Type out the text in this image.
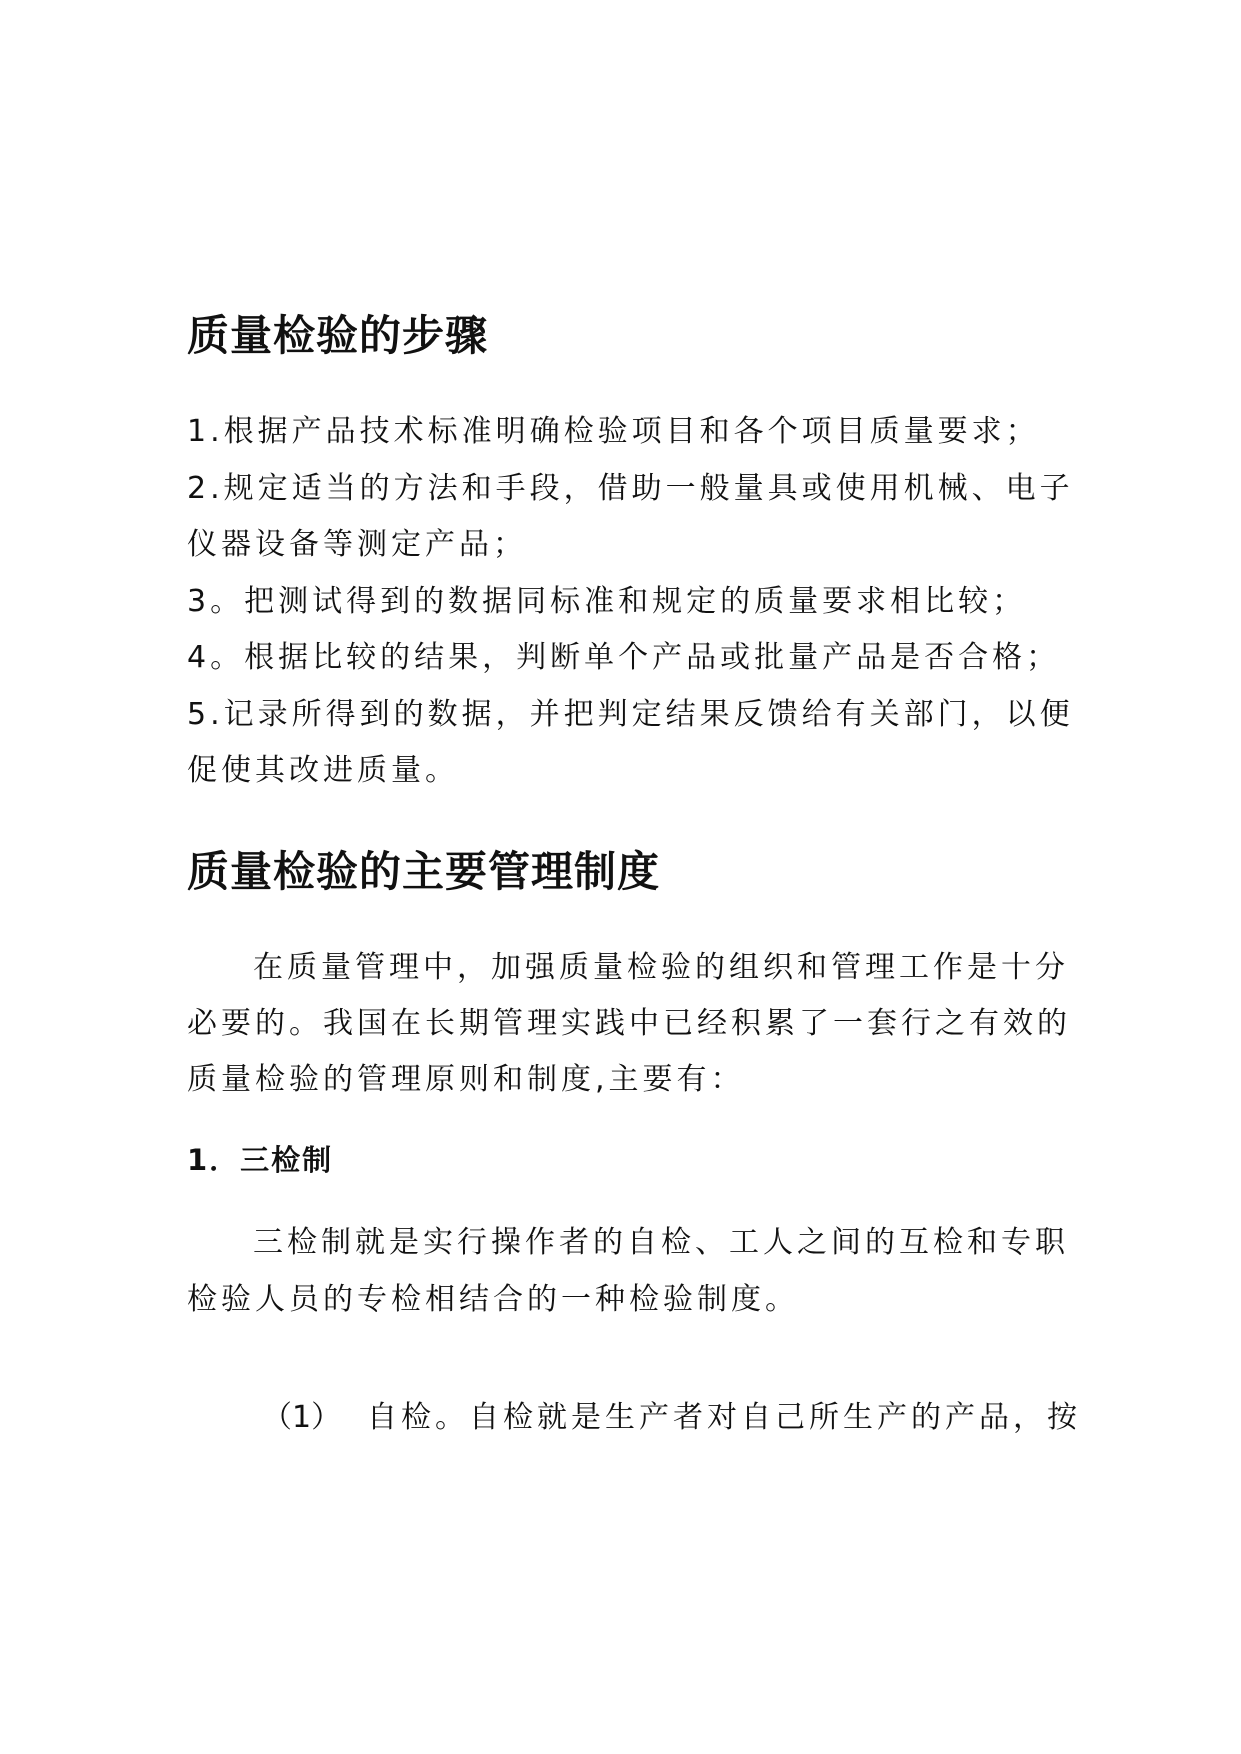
质量检验的步骤
1.根据产品技术标准明确检验项目和各个项目质量要求；
2.规定适当的方法和手段，借助一般量具或使用机械、电子
仪器设备等测定产品；
3。把测试得到的数据同标准和规定的质量要求相比较；
4。根据比较的结果，判断单个产品或批量产品是否合格；
5.记录所得到的数据，并把判定结果反馈给有关部门，以便
促使其改进质量。
质量检验的主要管理制度
在质量管理中，加强质量检验的组织和管理工作是十分
必要的。我国在长期管理实践中已经积累了一套行之有效的
质量检验的管理原则和制度,主要有：
1．三检制
三检制就是实行操作者的自检、工人之间的互检和专职
检验人员的专检相结合的一种检验制度。
（1） 自检。自检就是生产者对自己所生产的产品，按
